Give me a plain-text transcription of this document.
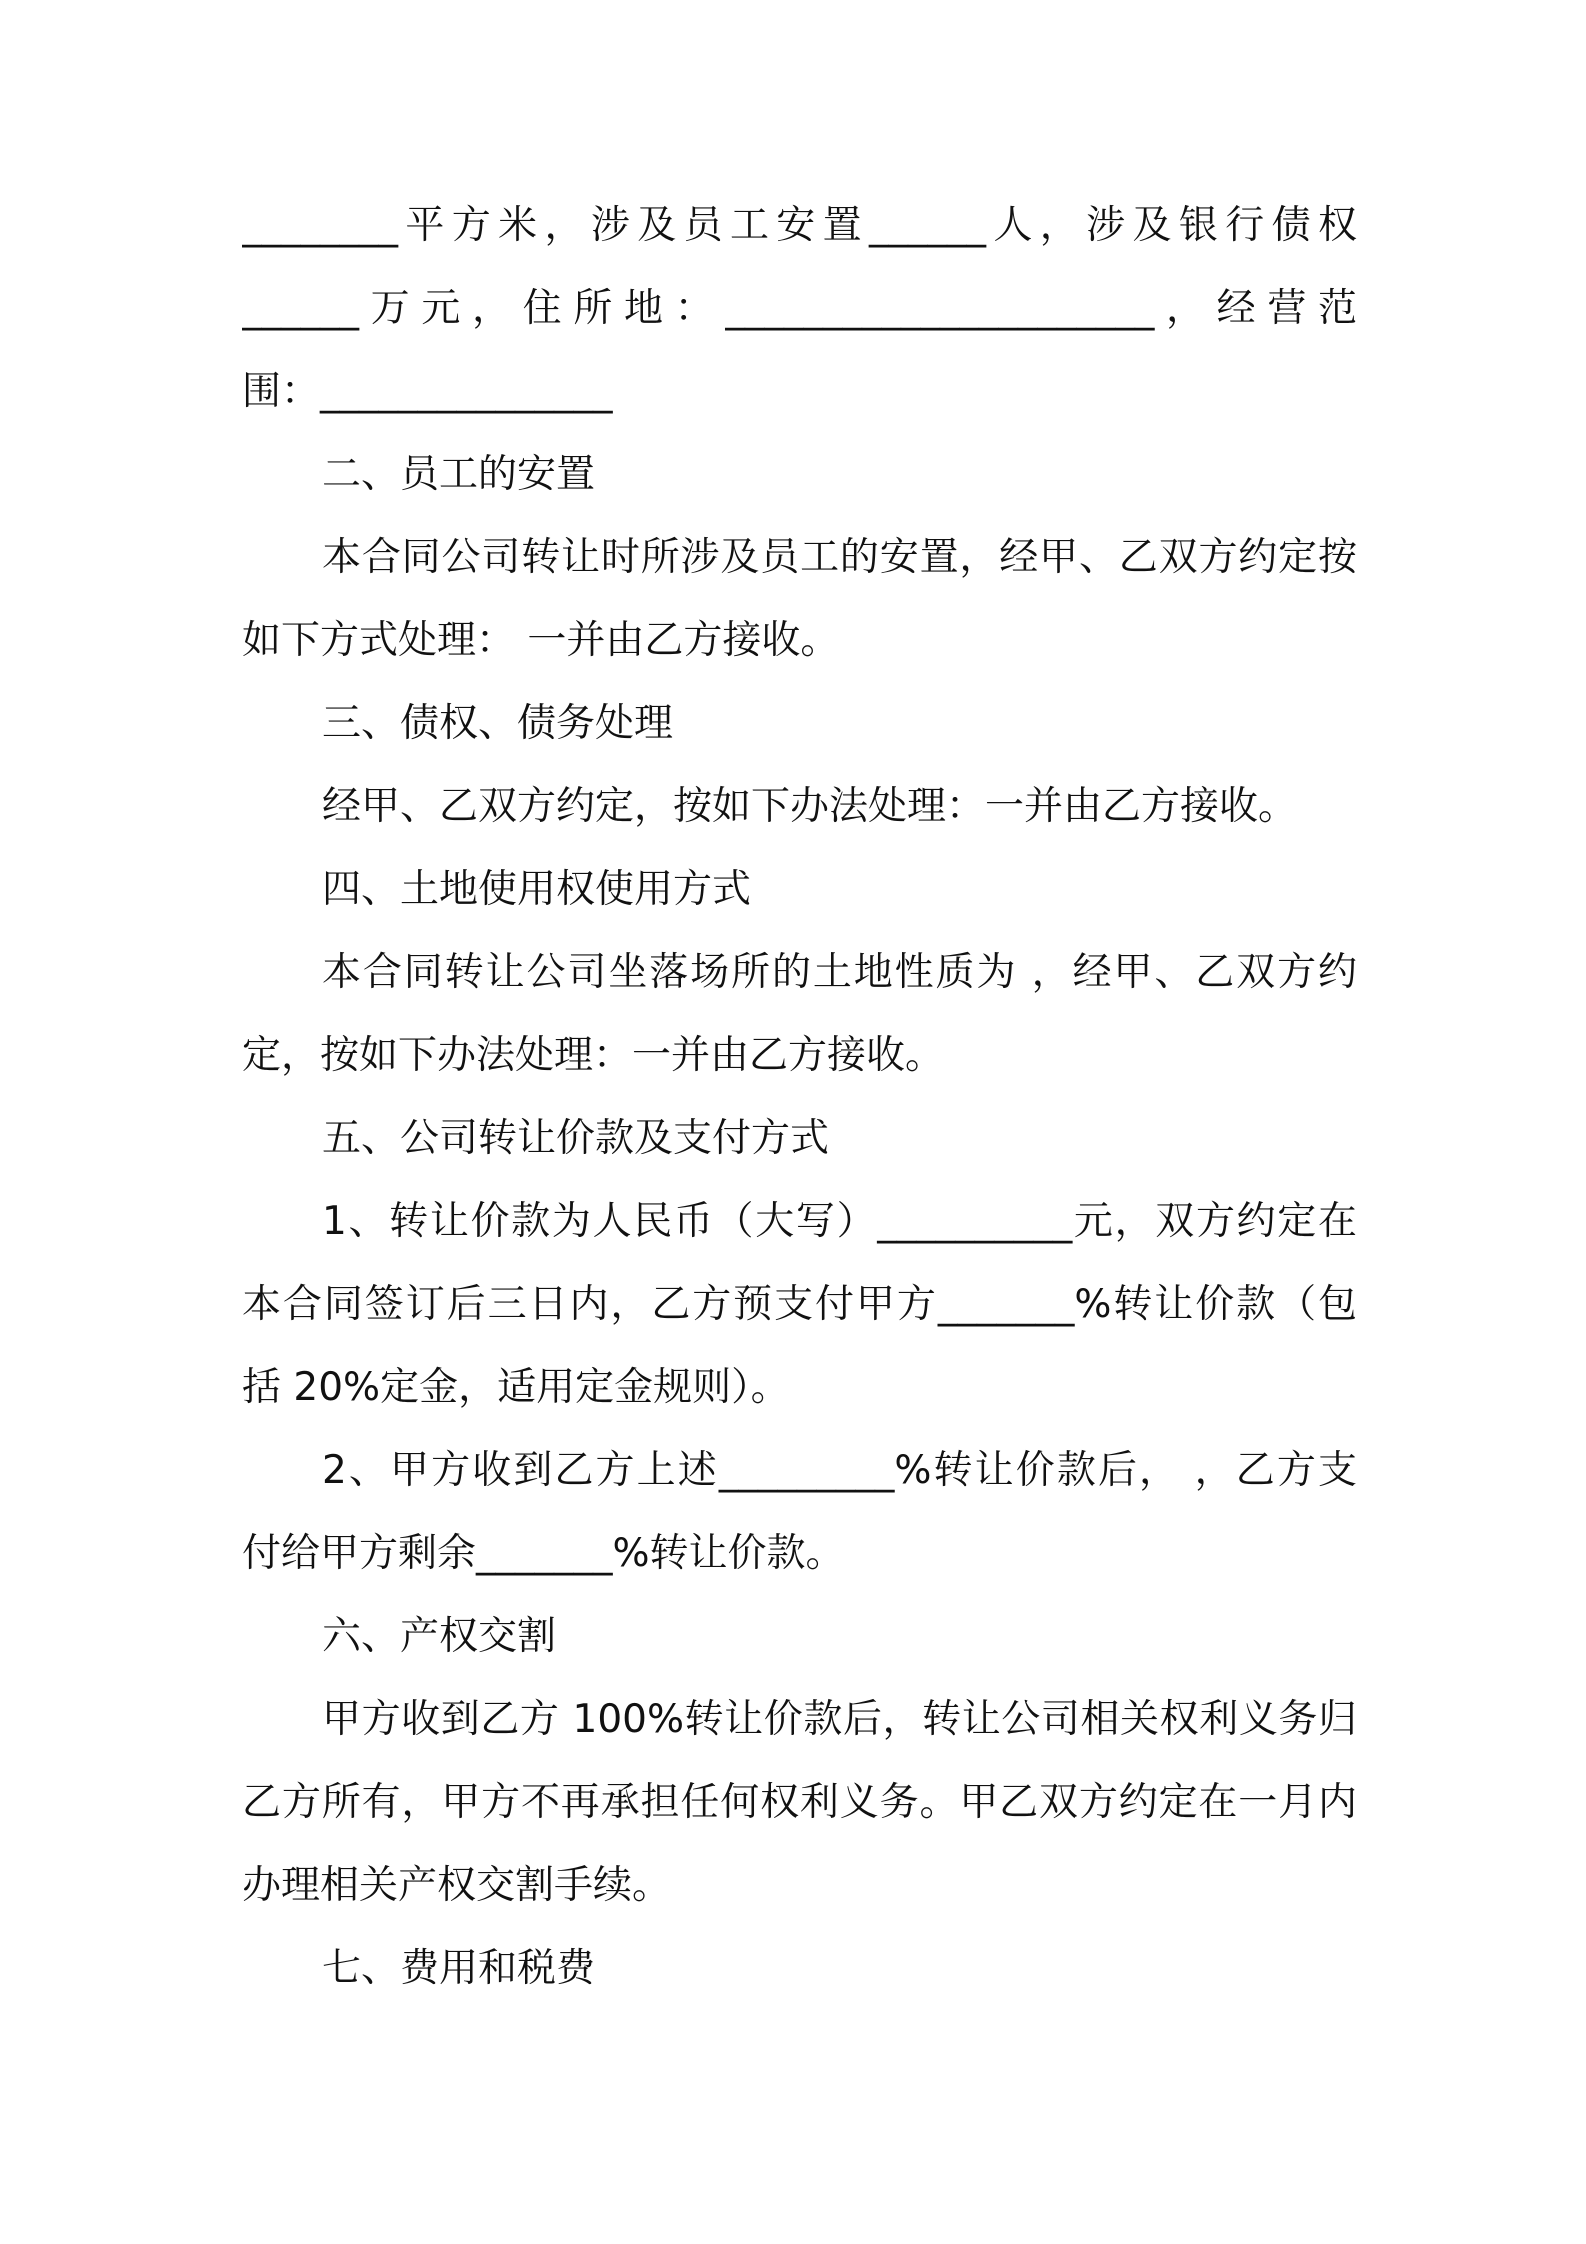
________平方米，涉及员工安置______人，涉及银行债权
______万元，住所地：______________________，经营范
围：_______________
二、员工的安置
本合同公司转让时所涉及员工的安置，经甲、乙双方约定按
如下方式处理： 一并由乙方接收。
三、债权、债务处理
经甲、乙双方约定，按如下办法处理：一并由乙方接收。
四、土地使用权使用方式
本合同转让公司坐落场所的土地性质为 ，经甲、乙双方约
定，按如下办法处理：一并由乙方接收。
五、公司转让价款及支付方式
1、转让价款为人民币（大写）__________元，双方约定在
本合同签订后三日内，乙方预支付甲方_______%转让价款（包
括 20%定金，适用定金规则）。
2、甲方收到乙方上述_________%转让价款后， ，乙方支
付给甲方剩余_______%转让价款。
六、产权交割
甲方收到乙方 100%转让价款后，转让公司相关权利义务归
乙方所有，甲方不再承担任何权利义务。甲乙双方约定在一月内
办理相关产权交割手续。
七、费用和税费
